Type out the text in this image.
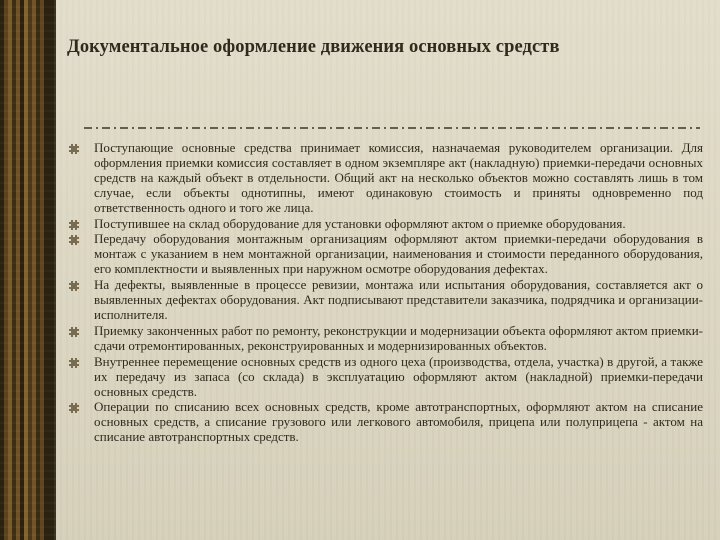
Документальное оформление движения основных средств
Поступающие основные средства принимает комиссия, назначаемая руководителем организации. Для оформления приемки комиссия составляет в одном экземпляре акт (накладную) приемки-передачи основных средств на каждый объект в отдельности. Общий акт на несколько объектов можно составлять лишь в том случае, если объекты однотипны, имеют одинаковую стоимость и приняты одновременно под ответственность одного и того же лица.
Поступившее на склад оборудование для установки оформляют актом о приемке оборудования.
Передачу оборудования монтажным организациям оформляют актом приемки-передачи оборудования в монтаж с указанием в нем монтажной организации, наименования и стоимости переданного оборудования, его комплектности и выявленных при наружном осмотре оборудования дефектах.
На дефекты, выявленные в процессе ревизии, монтажа или испытания оборудования, составляется акт о выявленных дефектах оборудования. Акт подписывают представители заказчика, подрядчика и организации-исполнителя.
Приемку законченных работ по ремонту, реконструкции и модернизации объекта оформляют актом приемки-сдачи отремонтированных, реконструированных и модернизированных объектов.
Внутреннее перемещение основных средств из одного цеха (производства, отдела, участка) в другой, а также их передачу из запаса (со склада) в эксплуатацию оформляют актом (накладной) приемки-передачи основных средств.
Операции по списанию всех основных средств, кроме автотранспортных, оформляют актом на списание основных средств, а списание грузового или легкового автомобиля, прицепа или полуприцепа - актом на списание автотранспортных средств.
